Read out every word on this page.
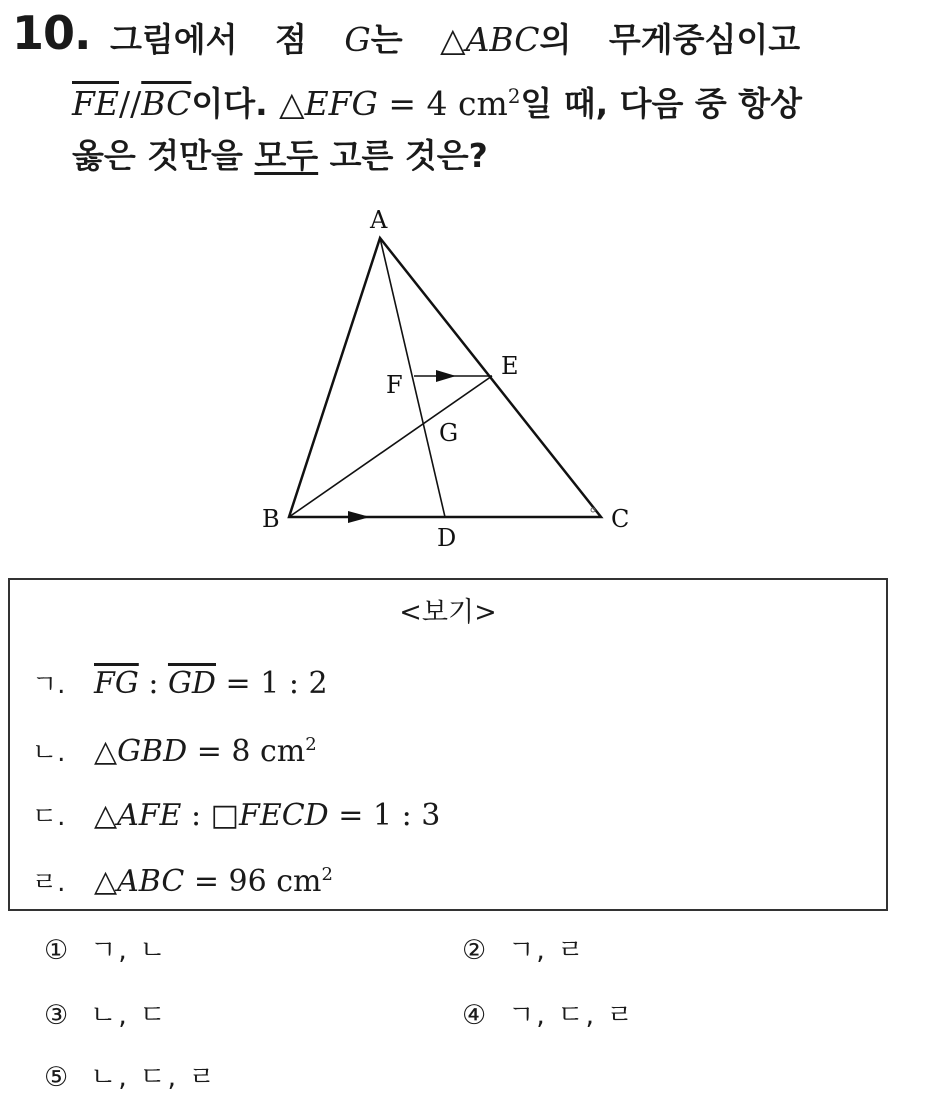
10. 그림에서 점 G는 △ABC의 무게중심이고
$\overline{FE}//\overline{BC}$이다. △EFG = 4 $cm^2$일 때, 다음 중 항상
옳은 것만을 모두 고른 것은?
A
B	C
D
E
F
G
<보기>
ㄱ. $\overline{FG}$ : $\overline{GD} = 1$ : 2
ㄴ. △GBD = 8 $cm^2$
ㄷ. △AFE : □FECD = 1 : 3
ㄹ. △ABC = 96 $cm^2$
① ㄱ, ㄴ	② ㄱ, ㄹ
③ ㄴ, ㄷ	④ ㄱ, ㄷ, ㄹ
⑤ ㄴ, ㄷ, ㄹ
